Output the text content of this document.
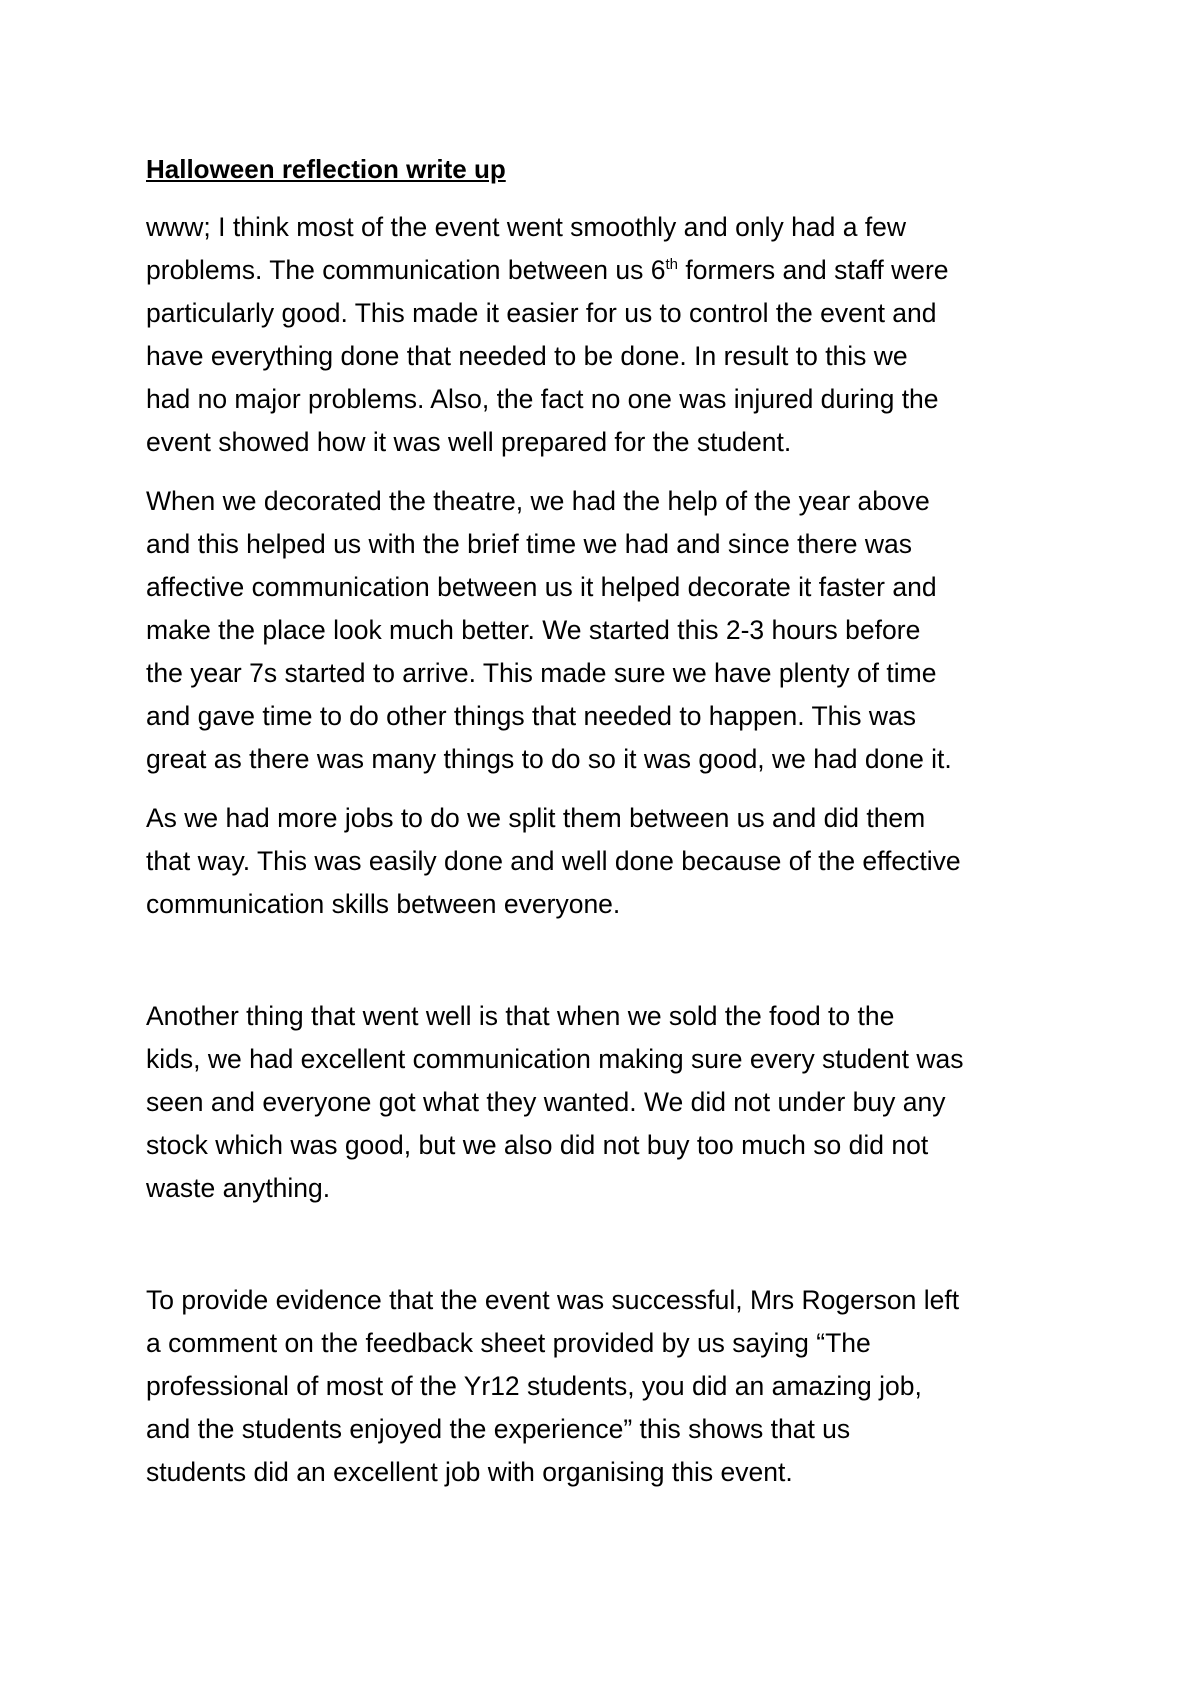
Halloween reflection write up

www; I think most of the event went smoothly and only had a few
problems. The communication between us 6th formers and staff were
particularly good. This made it easier for us to control the event and
have everything done that needed to be done. In result to this we
had no major problems. Also, the fact no one was injured during the
event showed how it was well prepared for the student.

When we decorated the theatre, we had the help of the year above
and this helped us with the brief time we had and since there was
affective communication between us it helped decorate it faster and
make the place look much better. We started this 2-3 hours before
the year 7s started to arrive. This made sure we have plenty of time
and gave time to do other things that needed to happen. This was
great as there was many things to do so it was good, we had done it.

As we had more jobs to do we split them between us and did them
that way. This was easily done and well done because of the effective
communication skills between everyone.

Another thing that went well is that when we sold the food to the
kids, we had excellent communication making sure every student was
seen and everyone got what they wanted. We did not under buy any
stock which was good, but we also did not buy too much so did not
waste anything.

To provide evidence that the event was successful, Mrs Rogerson left
a comment on the feedback sheet provided by us saying “The
professional of most of the Yr12 students, you did an amazing job,
and the students enjoyed the experience” this shows that us
students did an excellent job with organising this event.
